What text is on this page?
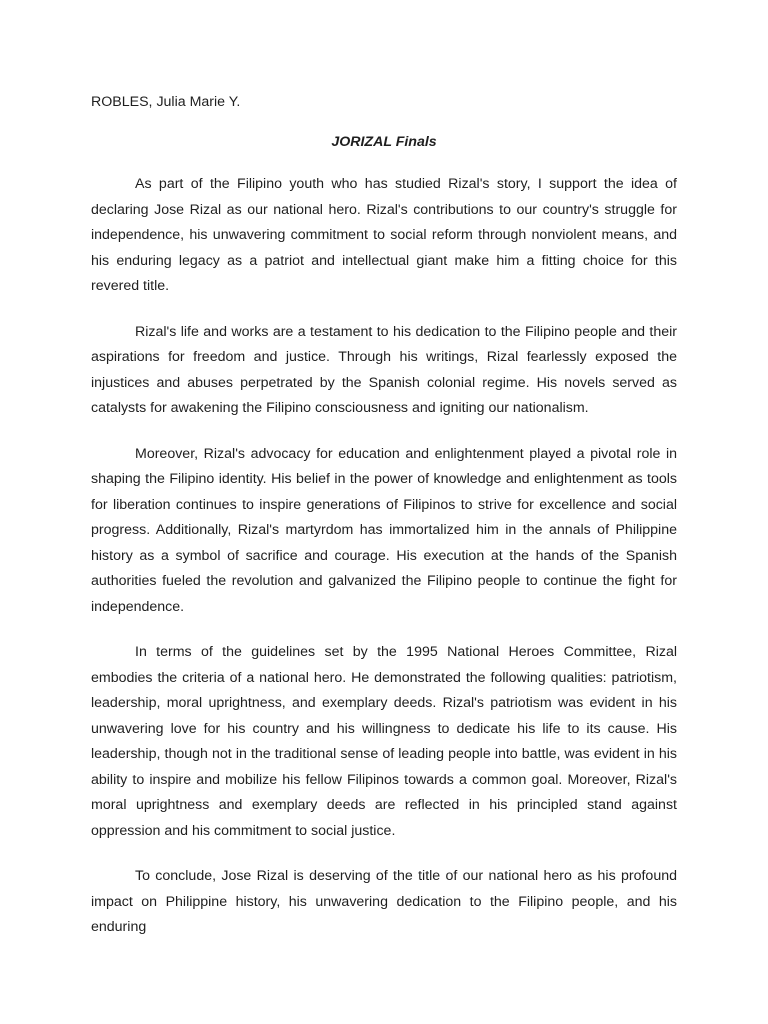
ROBLES, Julia Marie Y.

JORIZAL Finals

As part of the Filipino youth who has studied Rizal's story, I support the idea of declaring Jose Rizal as our national hero. Rizal's contributions to our country's struggle for independence, his unwavering commitment to social reform through nonviolent means, and his enduring legacy as a patriot and intellectual giant make him a fitting choice for this revered title.

Rizal's life and works are a testament to his dedication to the Filipino people and their aspirations for freedom and justice. Through his writings, Rizal fearlessly exposed the injustices and abuses perpetrated by the Spanish colonial regime. His novels served as catalysts for awakening the Filipino consciousness and igniting our nationalism.

Moreover, Rizal's advocacy for education and enlightenment played a pivotal role in shaping the Filipino identity. His belief in the power of knowledge and enlightenment as tools for liberation continues to inspire generations of Filipinos to strive for excellence and social progress. Additionally, Rizal's martyrdom has immortalized him in the annals of Philippine history as a symbol of sacrifice and courage. His execution at the hands of the Spanish authorities fueled the revolution and galvanized the Filipino people to continue the fight for independence.

In terms of the guidelines set by the 1995 National Heroes Committee, Rizal embodies the criteria of a national hero. He demonstrated the following qualities: patriotism, leadership, moral uprightness, and exemplary deeds. Rizal's patriotism was evident in his unwavering love for his country and his willingness to dedicate his life to its cause. His leadership, though not in the traditional sense of leading people into battle, was evident in his ability to inspire and mobilize his fellow Filipinos towards a common goal. Moreover, Rizal's moral uprightness and exemplary deeds are reflected in his principled stand against oppression and his commitment to social justice.

To conclude, Jose Rizal is deserving of the title of our national hero as his profound impact on Philippine history, his unwavering dedication to the Filipino people, and his enduring
